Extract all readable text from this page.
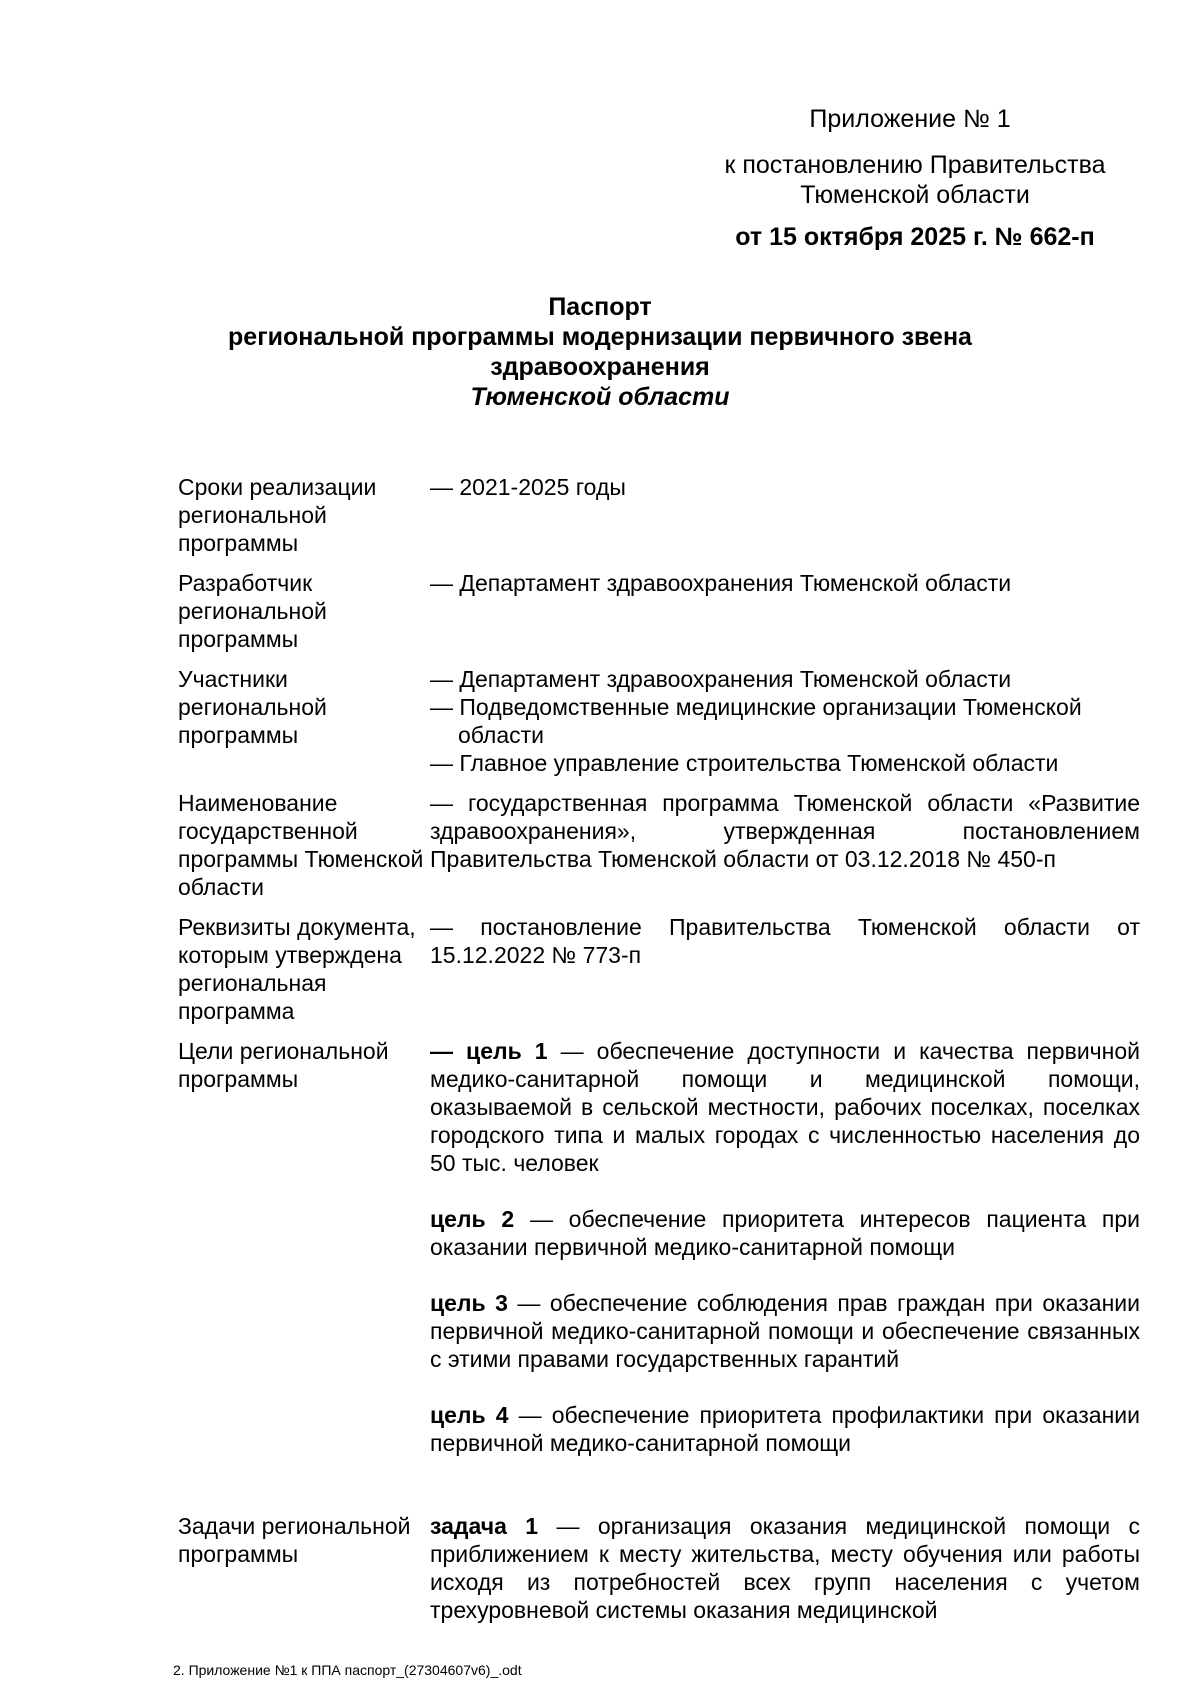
Приложение № 1
к постановлению Правительства
Тюменской области
от 15 октября 2025 г. № 662-п
Паспорт
региональной программы модернизации первичного звена
здравоохранения
Тюменской области
Сроки реализации региональной программы
— 2021-2025 годы
Разработчик региональной программы
— Департамент здравоохранения Тюменской области
Участники региональной программы

— Департамент здравоохранения Тюменской области

— Подведомственные медицинские организации Тюменской

области

— Главное управление строительства Тюменской области

Наименование государственной программы Тюменской области
— государственная программа Тюменской области «Развитие здравоохранения», утвержденная постановлением Правительства Тюменской области от 03.12.2018 № 450-п
Реквизиты документа, которым утверждена региональная программа
— постановление Правительства Тюменской области от 15.12.2022 № 773-п
Цели региональной программы

— цель 1 — обеспечение доступности и качества первичной медико-санитарной помощи и медицинской помощи, оказываемой в сельской местности, рабочих поселках, поселках городского типа и малых городах с численностью населения до 50 тыс. человек

цель 2 — обеспечение приоритета интересов пациента при оказании первичной медико-санитарной помощи

цель 3 — обеспечение соблюдения прав граждан при оказании первичной медико-санитарной помощи и обеспечение связанных с этими правами государственных гарантий

цель 4 — обеспечение приоритета профилактики при оказании первичной медико-санитарной помощи

Задачи региональной программы

задача 1 — организация оказания медицинской помощи с приближением к месту жительства, месту обучения или работы исходя из потребностей всех групп населения с учетом трехуровневой системы оказания медицинской

2. Приложение №1 к ППА паспорт_(27304607v6)_.odt
